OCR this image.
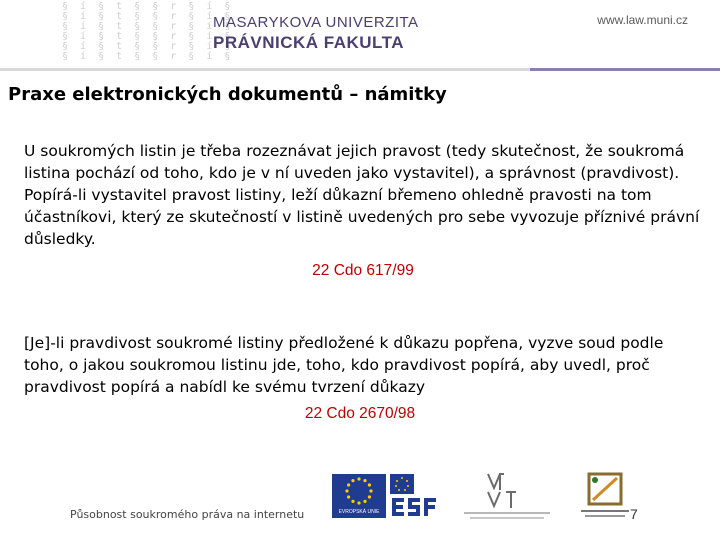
§ í § t § § r § í §
§ í § t § § r § í §
§ í § t § § r § í §
§ í § t § § r § í §
§ í § t § § r § í §
§ í § t § § r § í §
MASARYKOVA UNIVERZITA
PRÁVNICKÁ FAKULTA
www.law.muni.cz
Praxe elektronických dokumentů – námitky

U soukromých listin je třeba rozeznávat jejich pravost (tedy skutečnost, že soukromá listina pochází od toho, kdo je v ní uveden jako vystavitel), a správnost (pravdivost). Popírá-li vystavitel pravost listiny, leží důkazní břemeno ohledně pravosti na tom účastníkovi, který ze skutečností v listině uvedených pro sebe vyvozuje příznivé právní důsledky.

22 Cdo 617/99

[Je]-li pravdivost soukromé listiny předložené k důkazu popřena, vyzve soud podle toho, o jakou soukromou listinu jde, toho, kdo pravdivost popírá, aby uvedl, proč pravdivost popírá a nabídl ke svému tvrzení důkazy

22 Cdo 2670/98
Působnost soukromého práva na internetu	7
EVROPSKÁ UNIE
